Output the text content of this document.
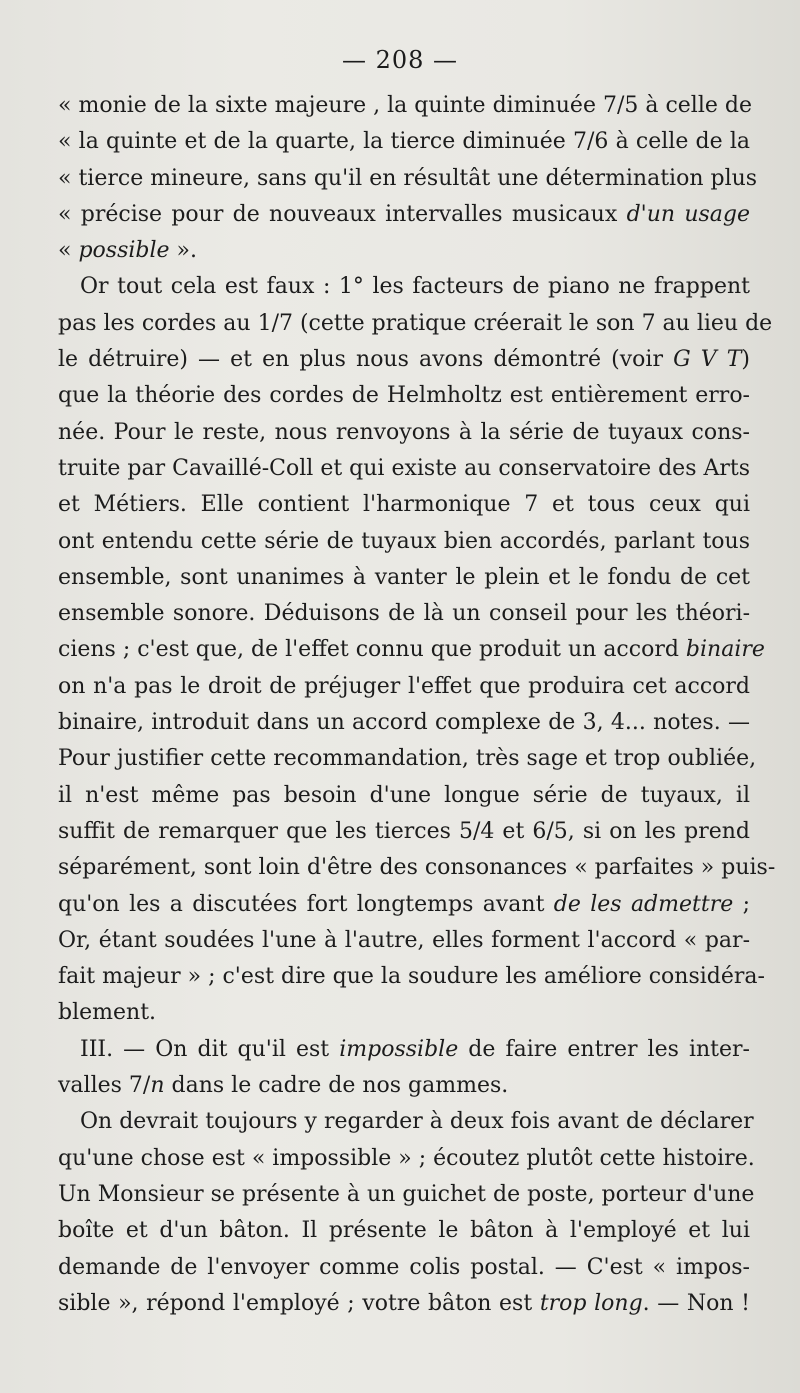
— 208 —
« monie de la sixte majeure , la quinte diminuée 7/5 à celle de
« la quinte et de la quarte, la tierce diminuée 7/6 à celle de la
« tierce mineure, sans qu'il en résultât une détermination plus
« précise pour de nouveaux intervalles musicaux d'un usage
« possible ».
Or tout cela est faux : 1° les facteurs de piano ne frappent
pas les cordes au 1/7 (cette pratique créerait le son 7 au lieu de
le détruire) — et en plus nous avons démontré (voir G V T)
que la théorie des cordes de Helmholtz est entièrement erro-
née. Pour le reste, nous renvoyons à la série de tuyaux cons-
truite par Cavaillé-Coll et qui existe au conservatoire des Arts
et Métiers. Elle contient l'harmonique 7 et tous ceux qui
ont entendu cette série de tuyaux bien accordés, parlant tous
ensemble, sont unanimes à vanter le plein et le fondu de cet
ensemble sonore. Déduisons de là un conseil pour les théori-
ciens ; c'est que, de l'effet connu que produit un accord binaire
on n'a pas le droit de préjuger l'effet que produira cet accord
binaire, introduit dans un accord complexe de 3, 4... notes. —
Pour justifier cette recommandation, très sage et trop oubliée,
il n'est même pas besoin d'une longue série de tuyaux, il
suffit de remarquer que les tierces 5/4 et 6/5, si on les prend
séparément, sont loin d'être des consonances « parfaites » puis-
qu'on les a discutées fort longtemps avant de les admettre ;
Or, étant soudées l'une à l'autre, elles forment l'accord « par-
fait majeur » ; c'est dire que la soudure les améliore considéra-
blement.
III. — On dit qu'il est impossible de faire entrer les inter-
valles 7/n dans le cadre de nos gammes.
On devrait toujours y regarder à deux fois avant de déclarer
qu'une chose est « impossible » ; écoutez plutôt cette histoire.
Un Monsieur se présente à un guichet de poste, porteur d'une
boîte et d'un bâton. Il présente le bâton à l'employé et lui
demande de l'envoyer comme colis postal. — C'est « impos-
sible », répond l'employé ; votre bâton est trop long. — Non !
